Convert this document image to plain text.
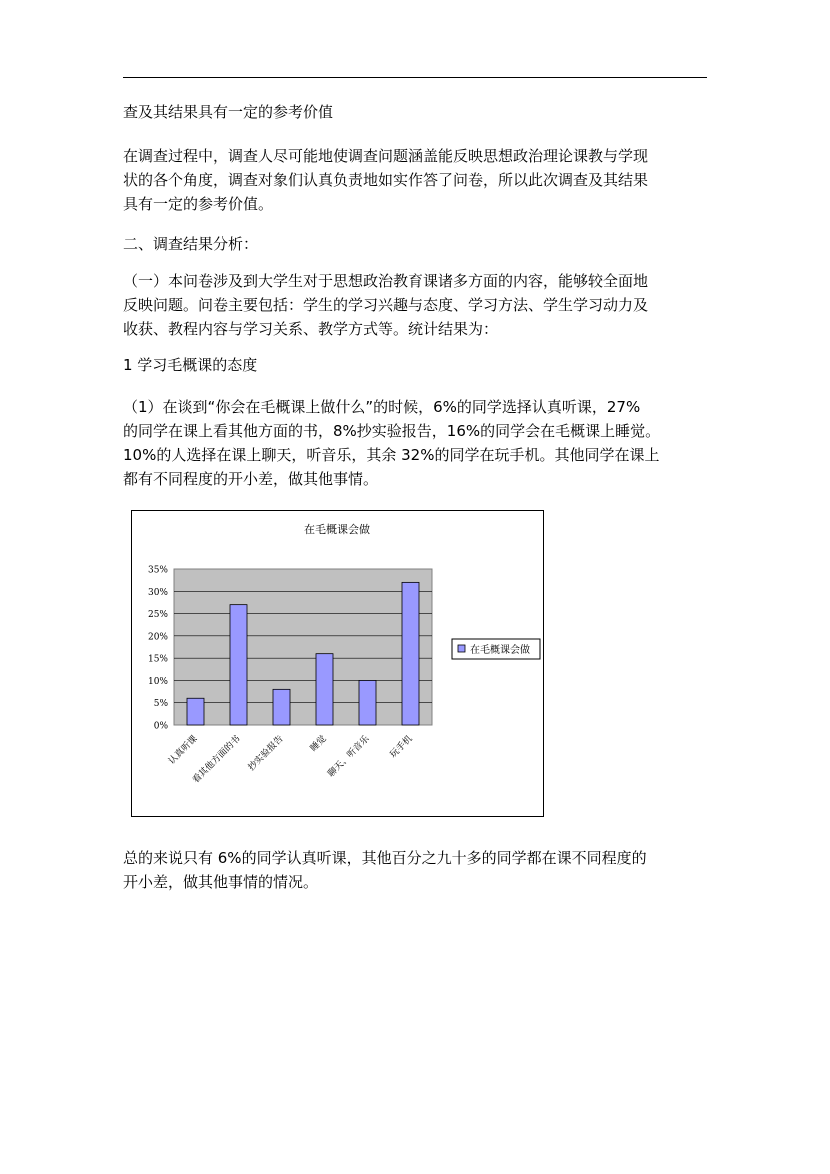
查及其结果具有一定的参考价值

在调查过程中，调查人尽可能地使调查问题涵盖能反映思想政治理论课教与学现

状的各个角度，调查对象们认真负责地如实作答了问卷，所以此次调查及其结果

具有一定的参考价值。

二、调查结果分析：

（一）本问卷涉及到大学生对于思想政治教育课诸多方面的内容，能够较全面地

反映问题。问卷主要包括：学生的学习兴趣与态度、学习方法、学生学习动力及

收获、教程内容与学习关系、教学方式等。统计结果为：

1 学习毛概课的态度

（1）在谈到“你会在毛概课上做什么”的时候，6%的同学选择认真听课，27%

的同学在课上看其他方面的书，8%抄实验报告，16%的同学会在毛概课上睡觉。

10%的人选择在课上聊天，听音乐，其余 32%的同学在玩手机。其他同学在课上

都有不同程度的开小差，做其他事情。

在毛概课会做
0%
5%
10%
15%
20%
25%
30%
35%
认真听课
看其他方面的书 抄实验报告	睡觉
聊天、听音乐 玩手机
在毛概课会做

总的来说只有 6%的同学认真听课，其他百分之九十多的同学都在课不同程度的

开小差，做其他事情的情况。
